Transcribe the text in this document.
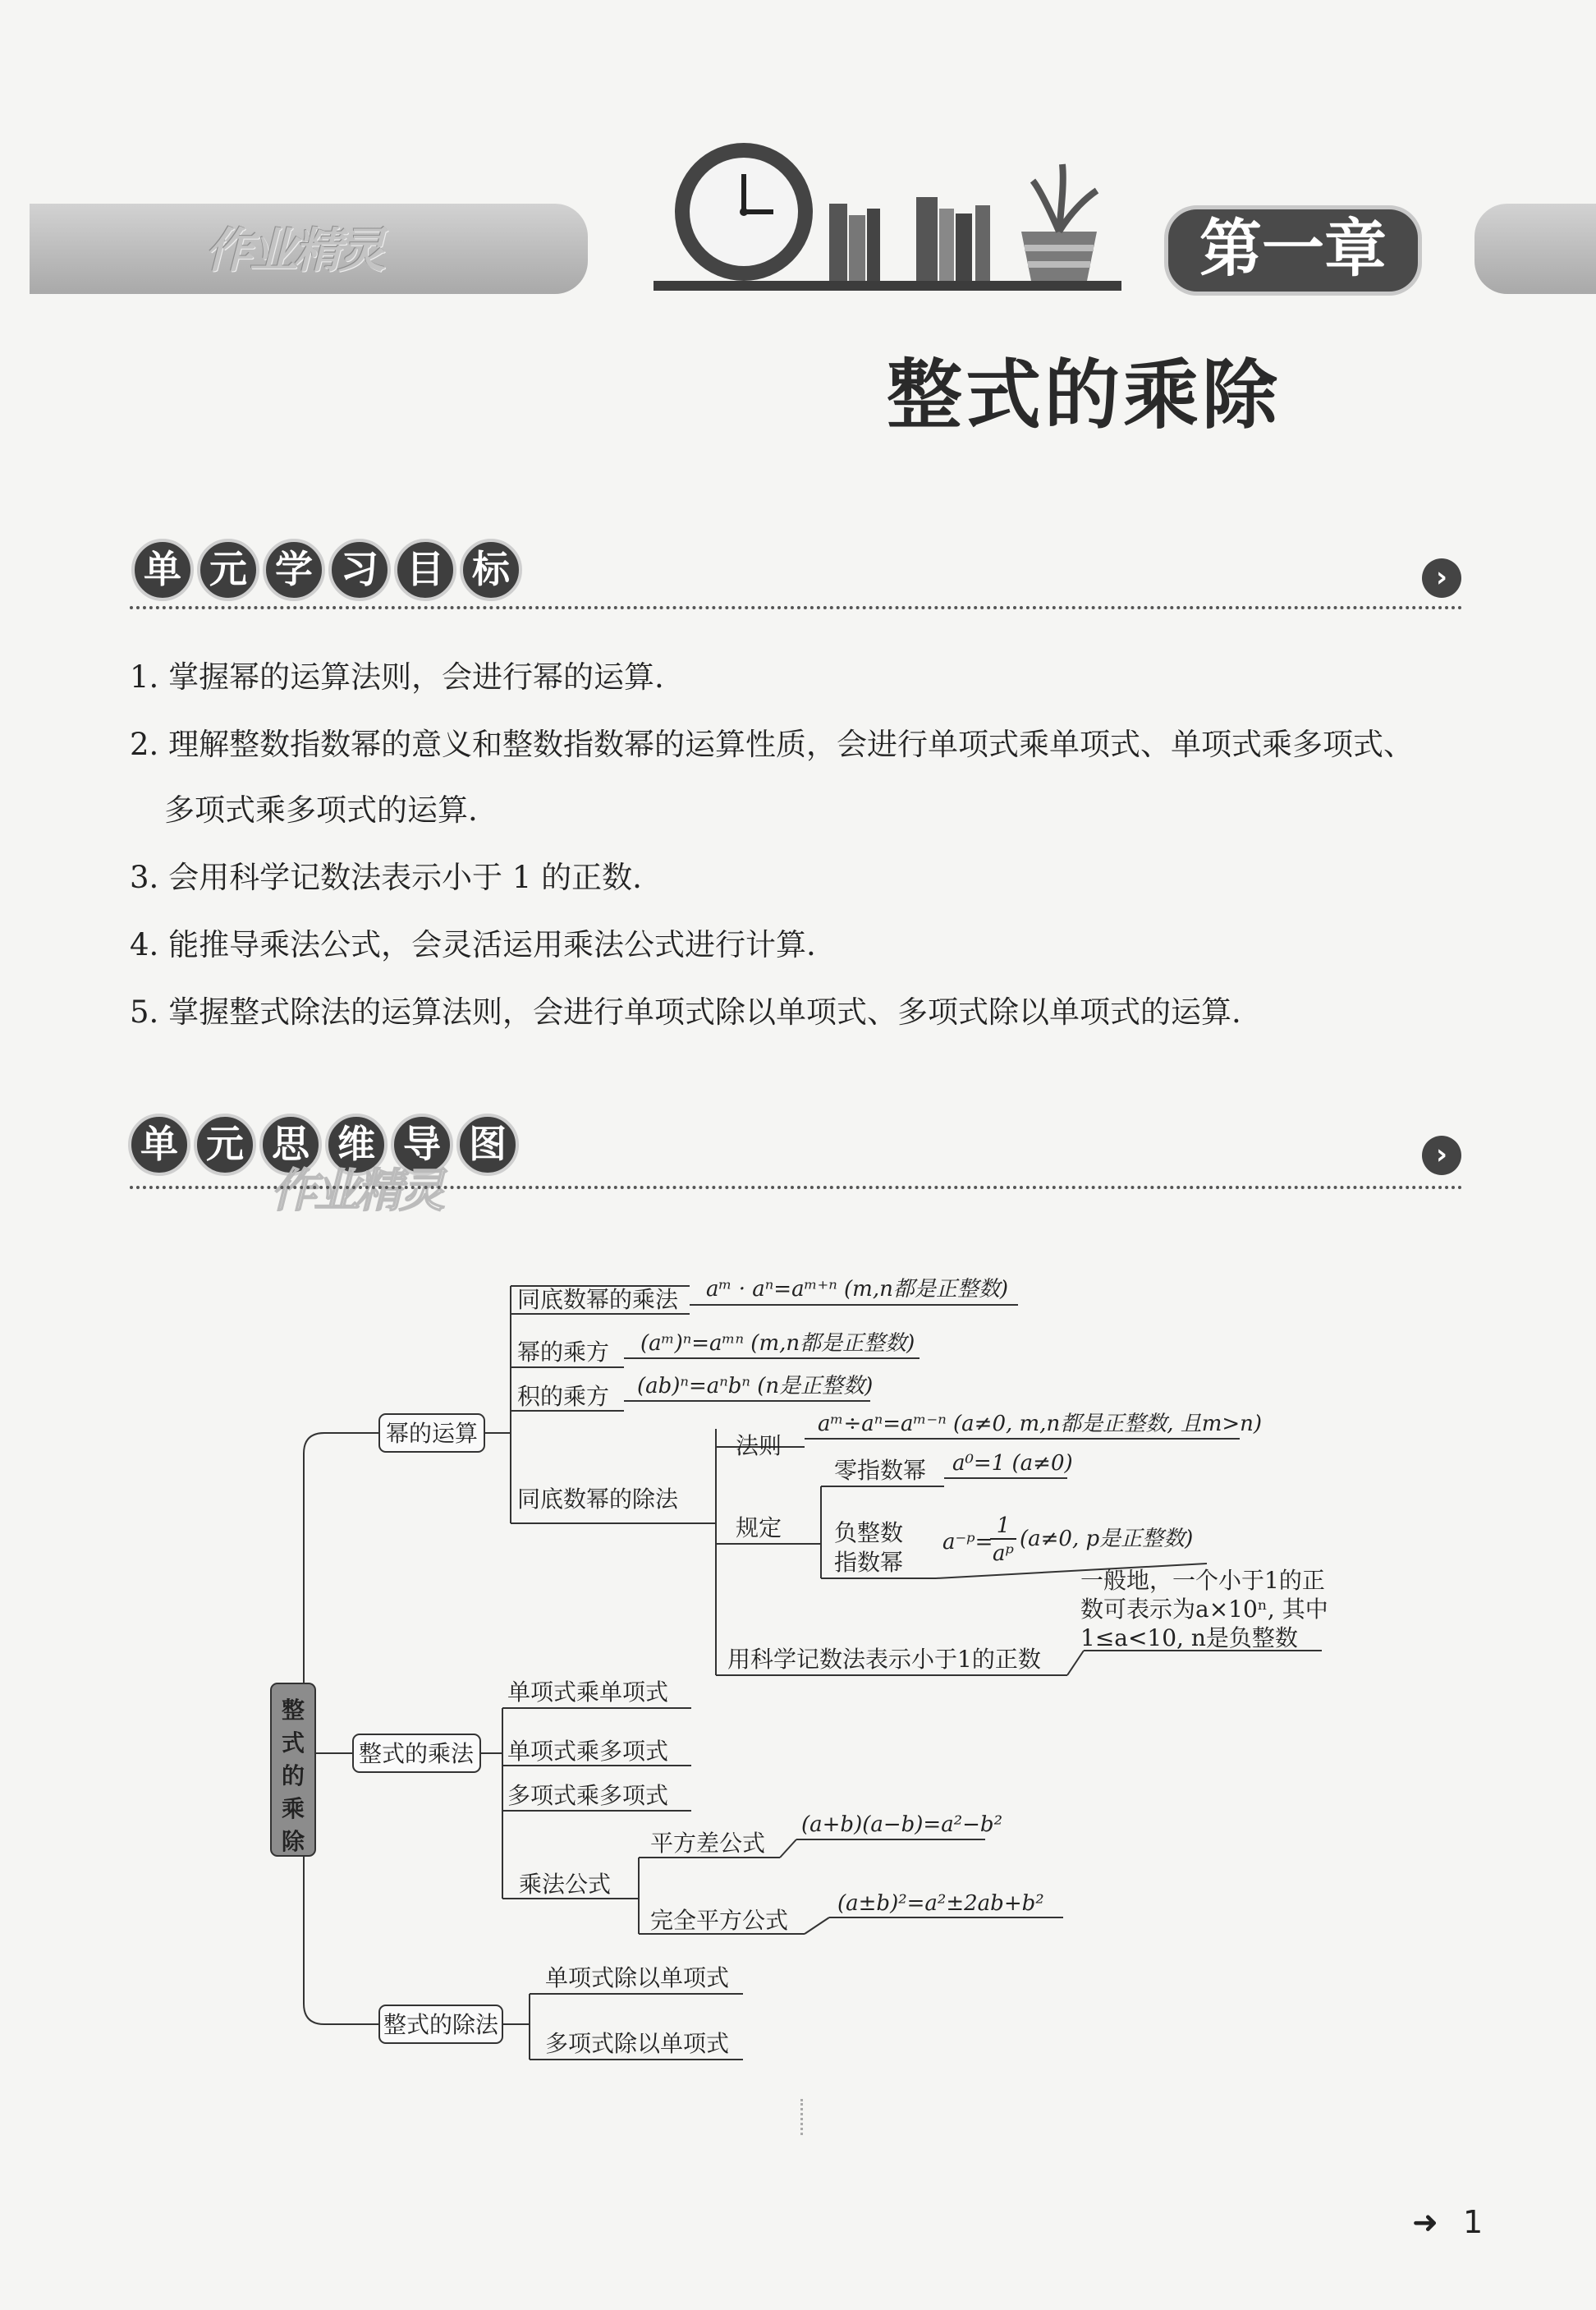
作业精灵	第一章
整式的乘除
单 元 学 习 目 标	›
1. 掌握幂的运算法则，会进行幂的运算.
2. 理解整数指数幂的意义和整数指数幂的运算性质，会进行单项式乘单项式、单项式乘多项式、
多项式乘多项式的运算.
3. 会用科学记数法表示小于 1 的正数.
4. 能推导乘法公式，会灵活运用乘法公式进行计算.
5. 掌握整式除法的运算法则，会进行单项式除以单项式、多项式除以单项式的运算.
单 元 思 维 导 图
作业精灵
›
整
式
的
乘
除
幂的运算
整式的乘法
整式的除法
同底数幂的乘法 aᵐ · aⁿ=aᵐ⁺ⁿ (m,n都是正整数)
幂的乘方 (aᵐ)ⁿ=aᵐⁿ (m,n都是正整数)
积的乘方 (ab)ⁿ=aⁿbⁿ (n是正整数)
同底数幂的除法
法则
aᵐ÷aⁿ=aᵐ⁻ⁿ (a≠0, m,n都是正整数, 且m>n)
规定
零指数幂 a⁰=1 (a≠0)
负整数
指数幂
a⁻ᵖ=
1
aᵖ
(a≠0, p是正整数)
一般地，一个小于1的正
数可表示为a×10ⁿ, 其中
1≤a<10, n是负整数
用科学记数法表示小于1的正数
单项式乘单项式
单项式乘多项式
多项式乘多项式
乘法公式
平方差公式
(a+b)(a−b)=a²−b²
完全平方公式
(a±b)²=a²±2ab+b²
单项式除以单项式
多项式除以单项式
➜ 1
